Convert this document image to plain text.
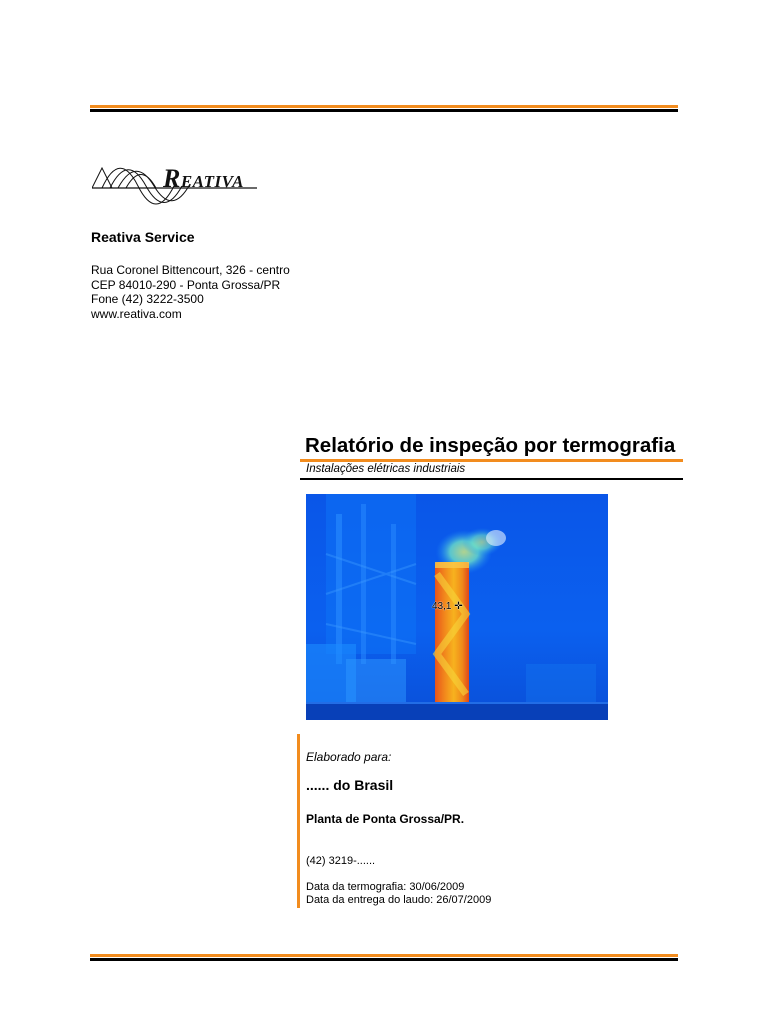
REATIVA
Reativa Service
Rua Coronel Bittencourt, 326 - centro
CEP 84010-290 - Ponta Grossa/PR
Fone (42) 3222-3500
www.reativa.com
Relatório de inspeção por termografia
Instalações elétricas industriais
43,1 ✛
Elaborado para:
...... do Brasil
Planta de Ponta Grossa/PR.
(42) 3219-......
Data da termografia: 30/06/2009
Data da entrega do laudo: 26/07/2009
